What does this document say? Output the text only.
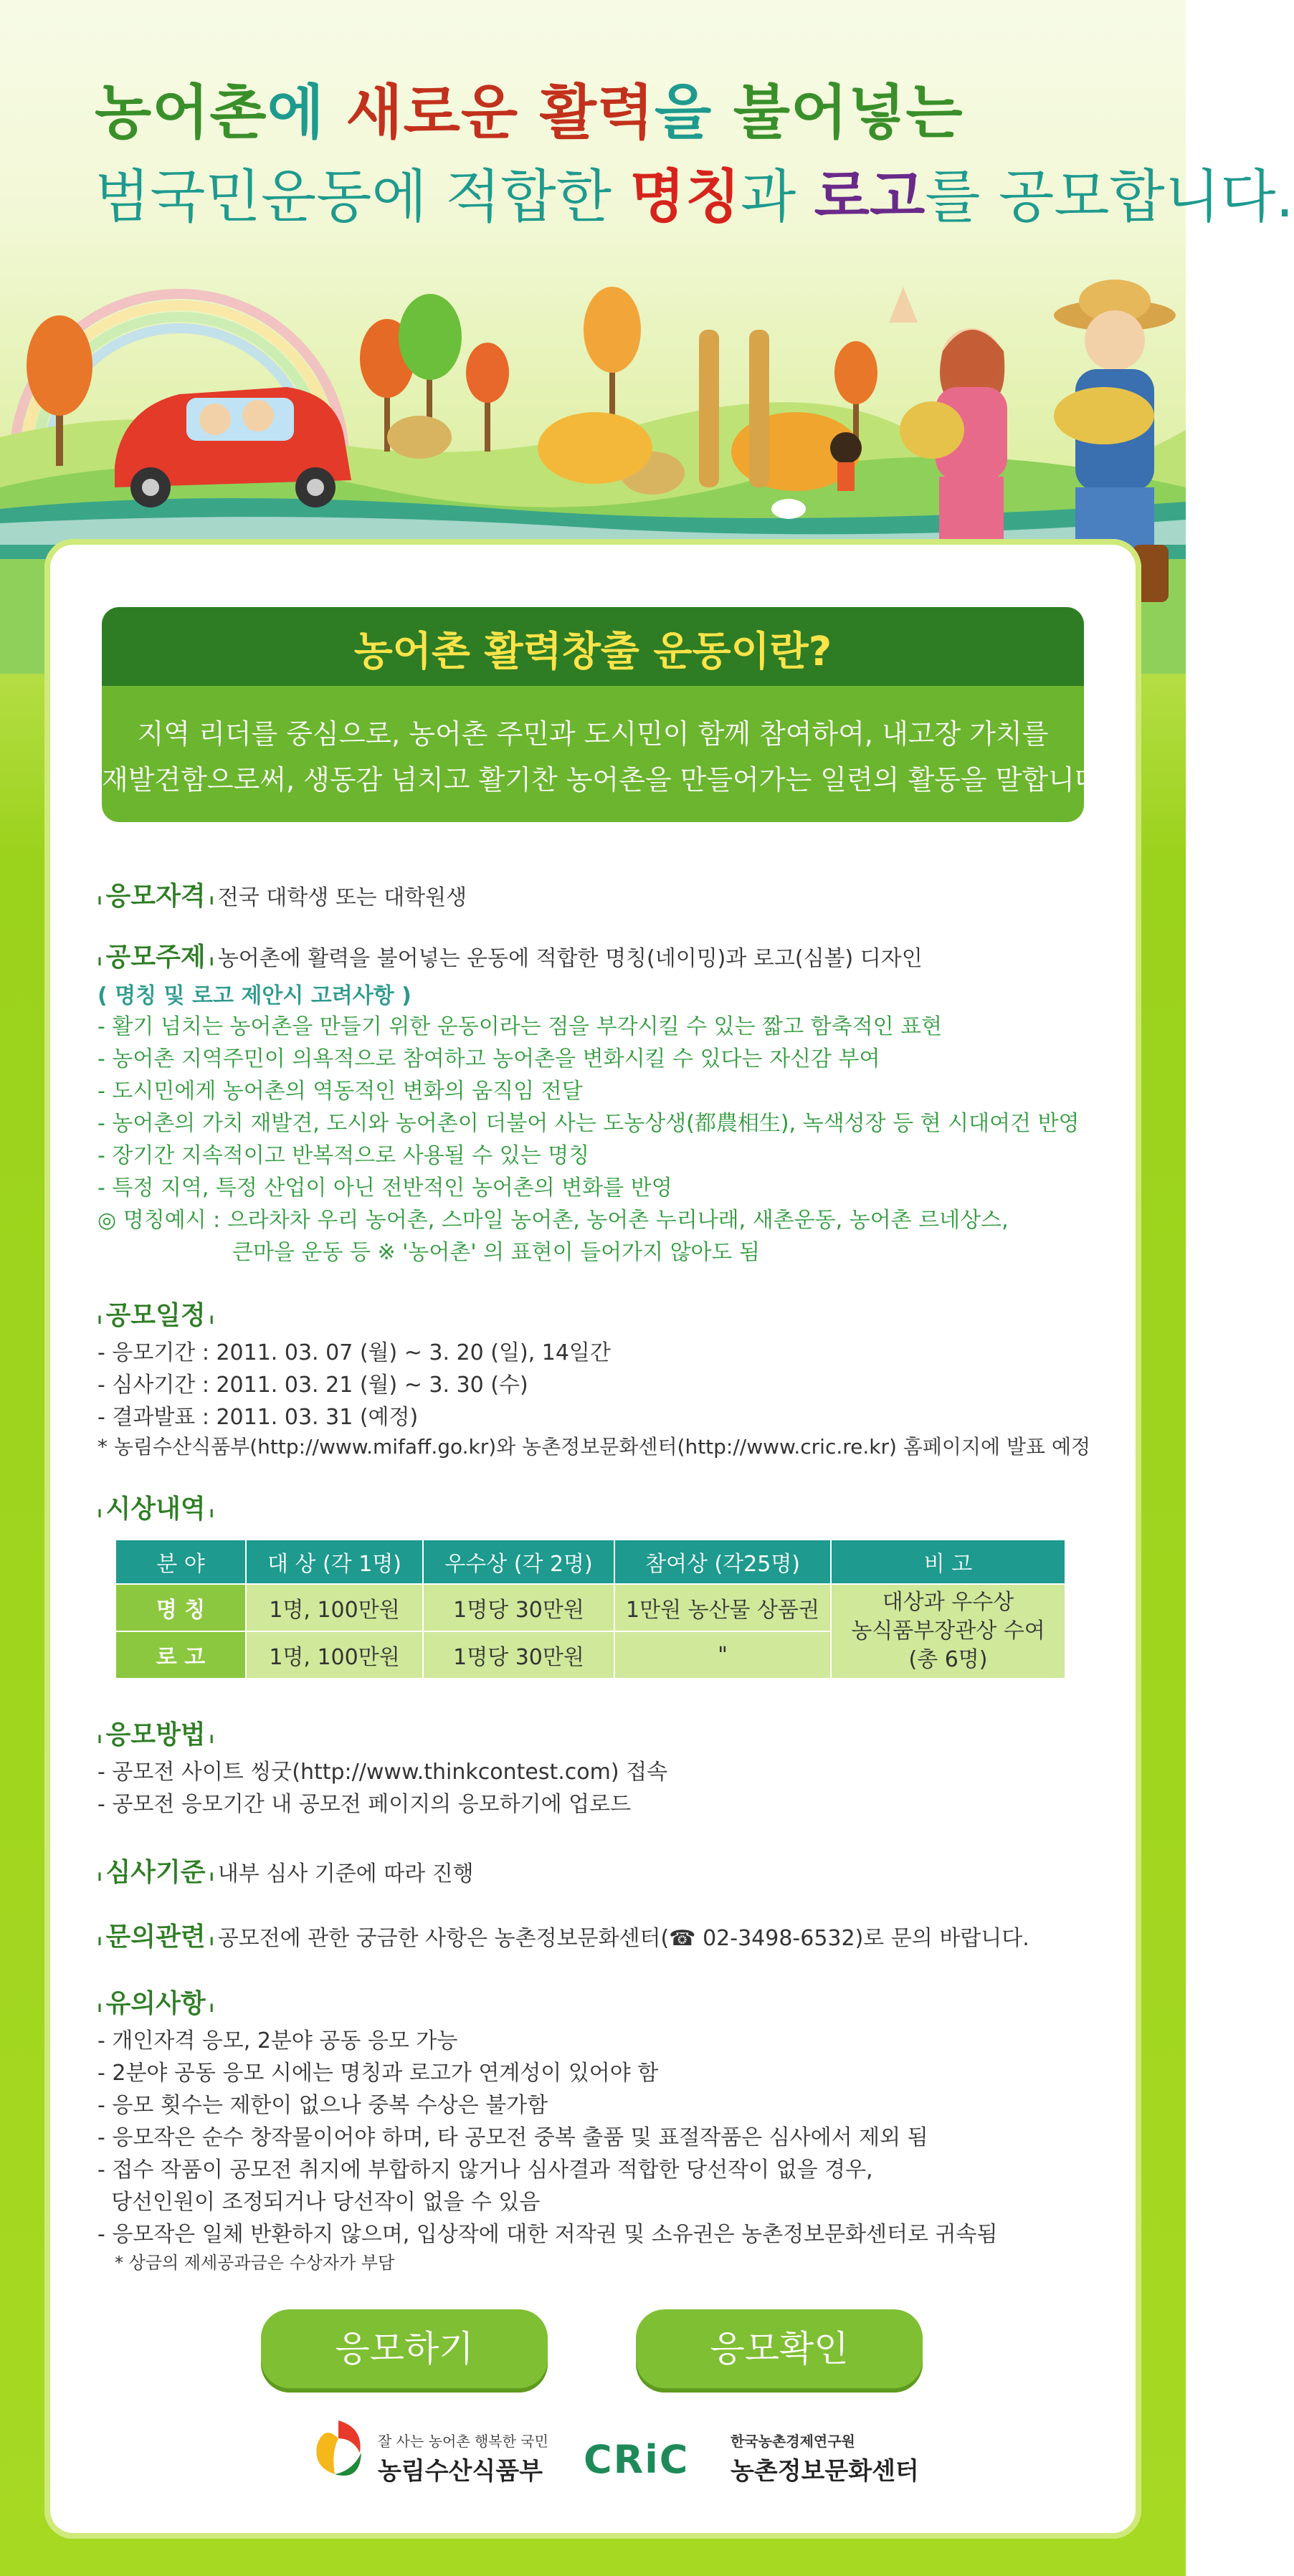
농어촌에 새로운 활력을 불어넣는
범국민운동에 적합한 명칭과 로고를 공모합니다.
농어촌 활력창출 운동이란?
지역 리더를 중심으로, 농어촌 주민과 도시민이 함께 참여하여, 내고장 가치를
재발견함으로써, 생동감 넘치고 활기찬 농어촌을 만들어가는 일련의 활동을 말합니다.
I 응모자격 I 전국 대학생 또는 대학원생
I 공모주제 I 농어촌에 활력을 불어넣는 운동에 적합한 명칭(네이밍)과 로고(심볼) 디자인
( 명칭 및 로고 제안시 고려사항 )
- 활기 넘치는 농어촌을 만들기 위한 운동이라는 점을 부각시킬 수 있는 짧고 함축적인 표현
- 농어촌 지역주민이 의욕적으로 참여하고 농어촌을 변화시킬 수 있다는 자신감 부여
- 도시민에게 농어촌의 역동적인 변화의 움직임 전달
- 농어촌의 가치 재발견, 도시와 농어촌이 더불어 사는 도농상생(都農相生), 녹색성장 등 현 시대여건 반영
- 장기간 지속적이고 반복적으로 사용될 수 있는 명칭
- 특정 지역, 특정 산업이 아닌 전반적인 농어촌의 변화를 반영
◎ 명칭예시 : 으라차차 우리 농어촌, 스마일 농어촌, 농어촌 누리나래, 새촌운동, 농어촌 르네상스,
큰마을 운동 등 ※ '농어촌' 의 표현이 들어가지 않아도 됨
I 공모일정 I
- 응모기간 : 2011. 03. 07 (월) ~ 3. 20 (일), 14일간
- 심사기간 : 2011. 03. 21 (월) ~ 3. 30 (수)
- 결과발표 : 2011. 03. 31 (예정)
* 농림수산식품부(http://www.mifaff.go.kr)와 농촌정보문화센터(http://www.cric.re.kr) 홈페이지에 발표 예정
I 시상내역 I
분 야	대 상 (각 1명)	우수상 (각 2명)	참여상 (각25명)	비 고
명 칭	1명, 100만원	1명당 30만원	1만원 농산물 상품권	대상과 우수상
농식품부장관상 수여
(총 6명)
로 고	1명, 100만원	1명당 30만원	"	
I 응모방법 I
- 공모전 사이트 씽굿(http://www.thinkcontest.com) 접속
- 공모전 응모기간 내 공모전 페이지의 응모하기에 업로드
I 심사기준 I 내부 심사 기준에 따라 진행
I 문의관련 I 공모전에 관한 궁금한 사항은 농촌정보문화센터(☎ 02-3498-6532)로 문의 바랍니다.
I 유의사항 I
- 개인자격 응모, 2분야 공동 응모 가능
- 2분야 공동 응모 시에는 명칭과 로고가 연계성이 있어야 함
- 응모 횟수는 제한이 없으나 중복 수상은 불가함
- 응모작은 순수 창작물이어야 하며, 타 공모전 중복 출품 및 표절작품은 심사에서 제외 됨
- 접수 작품이 공모전 취지에 부합하지 않거나 심사결과 적합한 당선작이 없을 경우,
당선인원이 조정되거나 당선작이 없을 수 있음
- 응모작은 일체 반환하지 않으며, 입상작에 대한 저작권 및 소유권은 농촌정보문화센터로 귀속됨
* 상금의 제세공과금은 수상자가 부담
응모하기	응모확인
잘 사는 농어촌 행복한 국민
농림수산식품부 CRiC	한국농촌경제연구원
농촌정보문화센터
